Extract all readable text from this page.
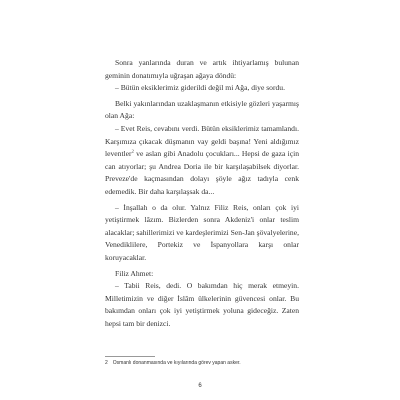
Sonra yanlarında duran ve artık ihtiyarlamış bulunan geminin donatımıyla uğraşan ağaya döndü:

– Bütün eksiklerimiz giderildi değil mi Ağa, diye sordu.

Belki yakınlarından uzaklaşmanın etkisiyle gözleri yaşarmış olan Ağa:

– Evet Reis, cevabını verdi. Bütün eksiklerimiz tamamlandı. Karşımıza çıkacak düşmanın vay geldi başına! Yeni aldığımız leventler$^2$ ve aslan gibi Anadolu çocukları... Hepsi de gaza için can atıyorlar; şu Andrea Doria ile bir karşılaşabilsek diyorlar. Preveze'de kaçmasından dolayı şöyle ağız tadıyla cenk edemedik. Bir daha karşılaşsak da...

– İnşallah o da olur. Yalnız Filiz Reis, onları çok iyi yetiştirmek lâzım. Bizlerden sonra Akdeniz'i onlar teslim alacaklar; sahillerimizi ve kardeşlerimizi Sen-Jan şövalyelerine, Venediklilere, Portekiz ve İspanyollara karşı onlar koruyacaklar.

Filiz Ahmet:

– Tabii Reis, dedi. O bakımdan hiç merak etmeyin. Milletimizin ve diğer İslâm ülkelerinin güvencesi onlar. Bu bakımdan onları çok iyi yetiştirmek yoluna gideceğiz. Zaten hepsi tam bir denizci.

2 Osmanlı donanmasında ve kıyılarında görev yapan asker.
6
